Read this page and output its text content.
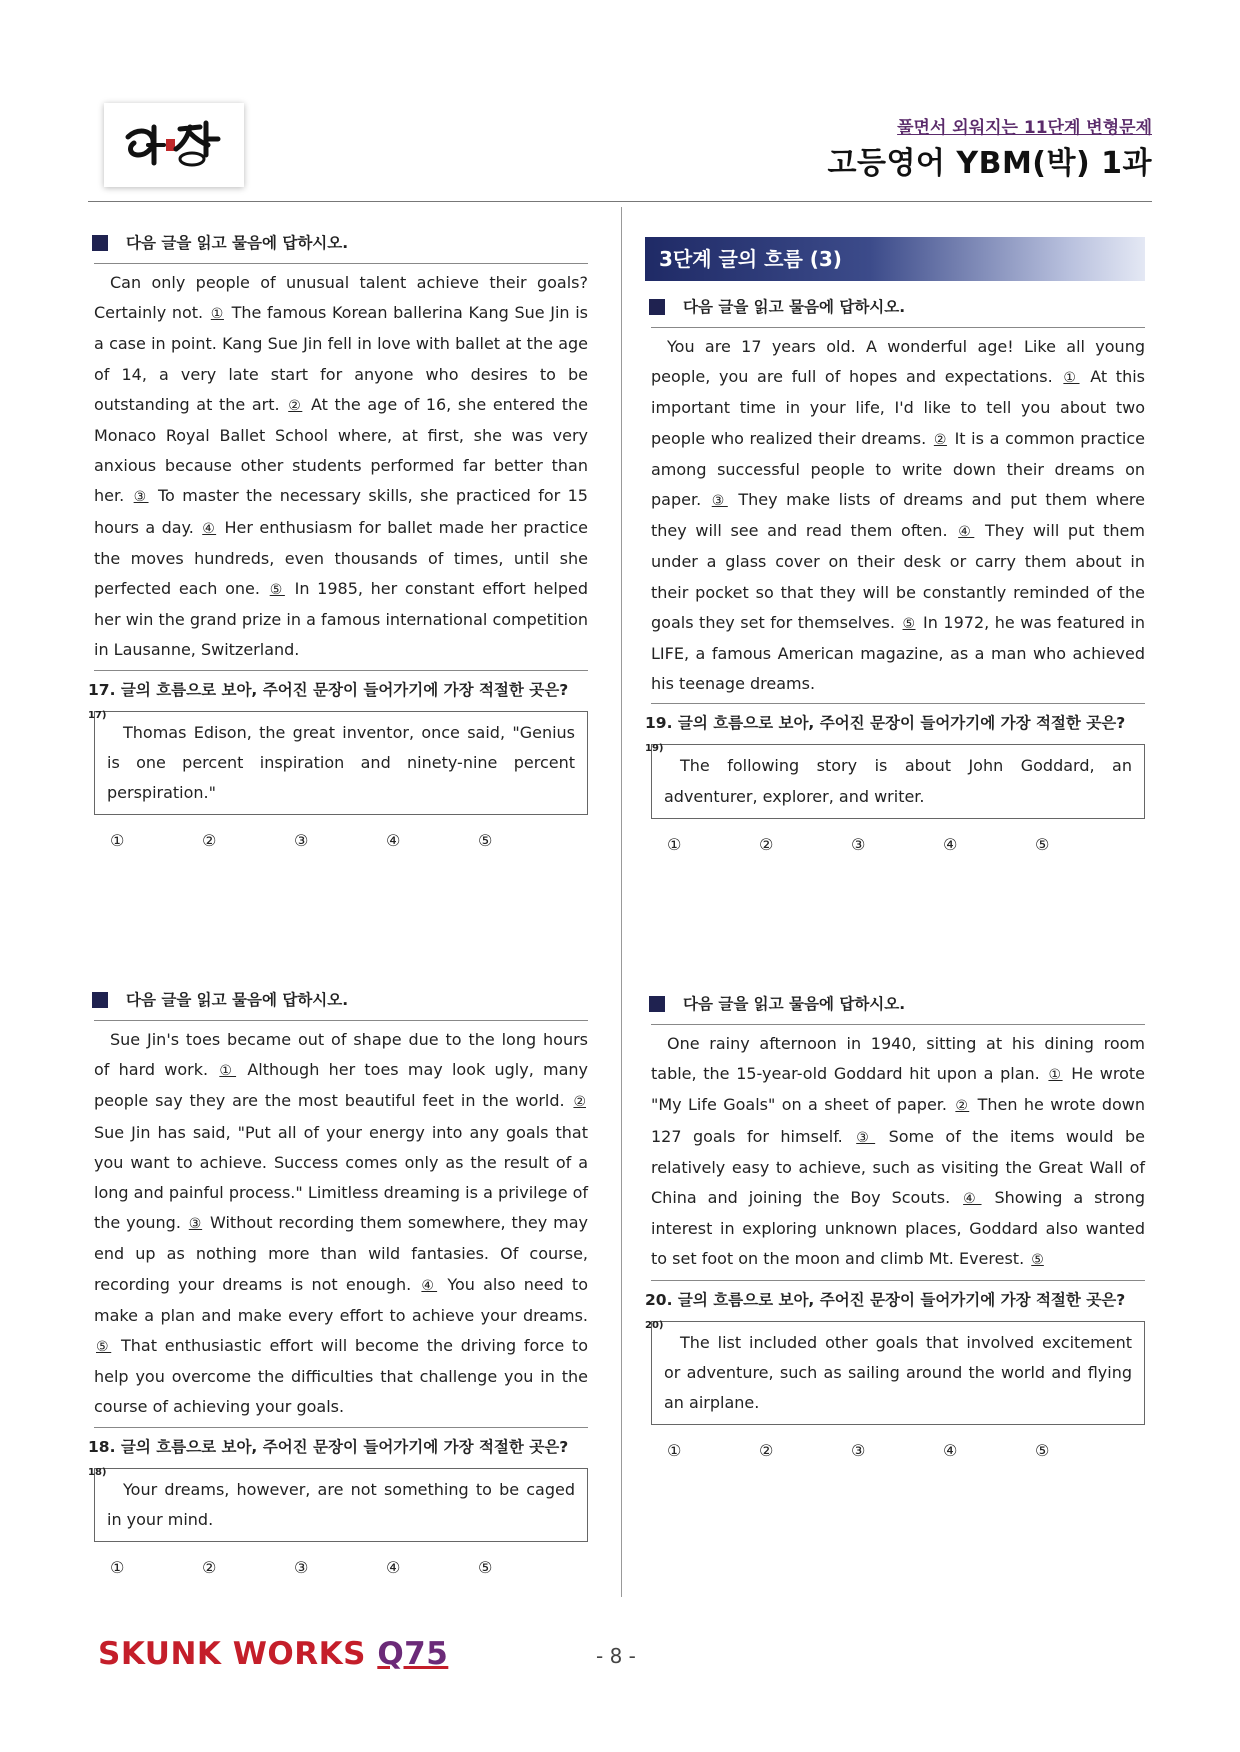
풀면서 외워지는 11단계 변형문제
고등영어 YBM(박) 1과
다음 글을 읽고 물음에 답하시오.

Can only people of unusual talent achieve their goals? Certainly not. ① The famous Korean ballerina Kang Sue Jin is a case in point. Kang Sue Jin fell in love with ballet at the age of 14, a very late start for anyone who desires to be outstanding at the art. ② At the age of 16, she entered the Monaco Royal Ballet School where, at first, she was very anxious because other students performed far better than her. ③ To master the necessary skills, she practiced for 15 hours a day. ④ Her enthusiasm for ballet made her practice the moves hundreds, even thousands of times, until she perfected each one. ⑤ In 1985, her constant effort helped her win the grand prize in a famous international competition in Lausanne, Switzerland.

17. 글의 흐름으로 보아, 주어진 문장이 들어가기에 가장 적절한 곳은? $^{17)}$
Thomas Edison, the great inventor, once said, "Genius is one percent inspiration and ninety-nine percent perspiration."
①	②	③	④	⑤
다음 글을 읽고 물음에 답하시오.

Sue Jin's toes became out of shape due to the long hours of hard work. ① Although her toes may look ugly, many people say they are the most beautiful feet in the world. ② Sue Jin has said, "Put all of your energy into any goals that you want to achieve. Success comes only as the result of a long and painful process." Limitless dreaming is a privilege of the young. ③ Without recording them somewhere, they may end up as nothing more than wild fantasies. Of course, recording your dreams is not enough. ④ You also need to make a plan and make every effort to achieve your dreams. ⑤ That enthusiastic effort will become the driving force to help you overcome the difficulties that challenge you in the course of achieving your goals.

18. 글의 흐름으로 보아, 주어진 문장이 들어가기에 가장 적절한 곳은? $^{18)}$
Your dreams, however, are not something to be caged in your mind.
①	②	③	④	⑤
3단계 글의 흐름 (3)
다음 글을 읽고 물음에 답하시오.

You are 17 years old. A wonderful age! Like all young people, you are full of hopes and expectations. ① At this important time in your life, I'd like to tell you about two people who realized their dreams. ② It is a common practice among successful people to write down their dreams on paper. ③ They make lists of dreams and put them where they will see and read them often. ④ They will put them under a glass cover on their desk or carry them about in their pocket so that they will be constantly reminded of the goals they set for themselves. ⑤ In 1972, he was featured in LIFE, a famous American magazine, as a man who achieved his teenage dreams.

19. 글의 흐름으로 보아, 주어진 문장이 들어가기에 가장 적절한 곳은? $^{19)}$
The following story is about John Goddard, an adventurer, explorer, and writer.
①	②	③	④	⑤
다음 글을 읽고 물음에 답하시오.

One rainy afternoon in 1940, sitting at his dining room table, the 15-year-old Goddard hit upon a plan. ① He wrote "My Life Goals" on a sheet of paper. ② Then he wrote down 127 goals for himself. ③ Some of the items would be relatively easy to achieve, such as visiting the Great Wall of China and joining the Boy Scouts. ④ Showing a strong interest in exploring unknown places, Goddard also wanted to set foot on the moon and climb Mt. Everest. ⑤

20. 글의 흐름으로 보아, 주어진 문장이 들어가기에 가장 적절한 곳은? $^{20)}$
The list included other goals that involved excitement or adventure, such as sailing around the world and flying an airplane.
①	②	③	④	⑤
SKUNK WORKS Q75	- 8 -
